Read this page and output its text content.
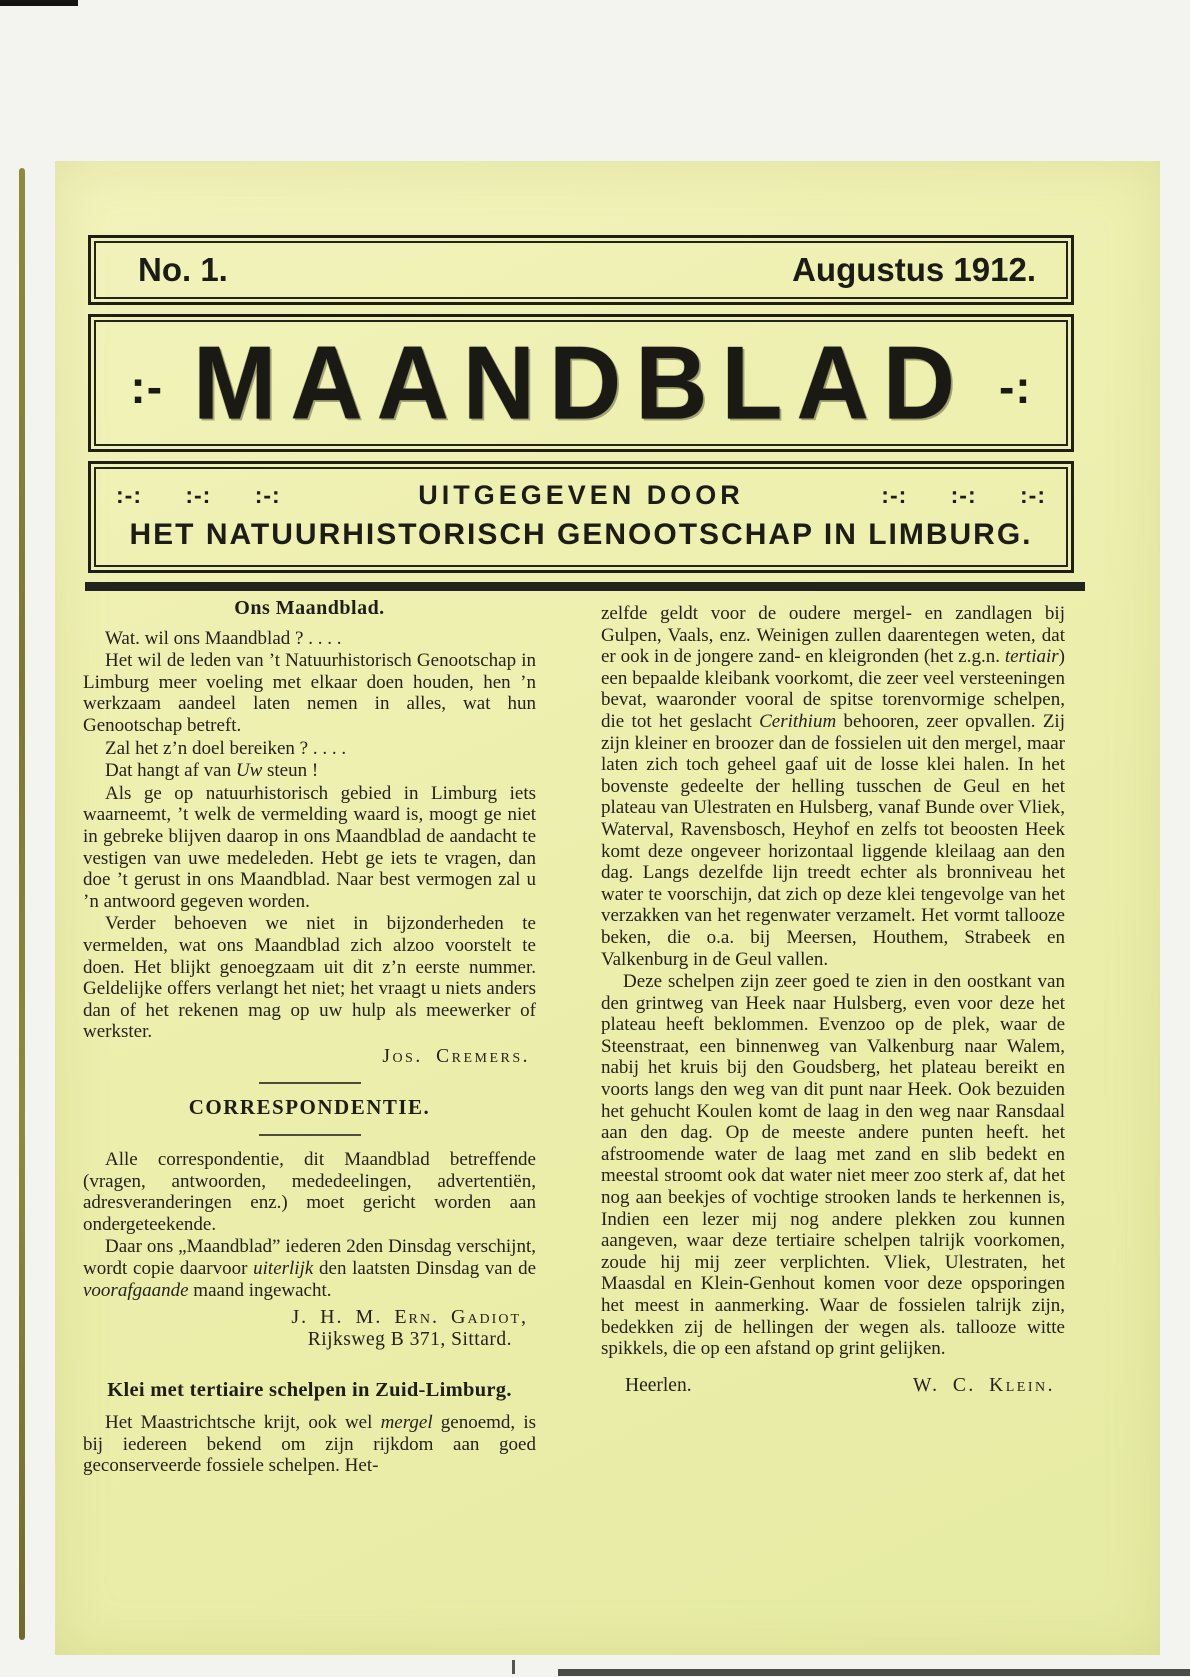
No. 1.	Augustus 1912.
:- MAANDBLAD -:
:-: :-: :-:	UITGEGEVEN DOOR	:-: :-: :-:
HET NATUURHISTORISCH GENOOTSCHAP IN LIMBURG.
Ons Maandblad.

Wat. wil ons Maandblad ? . . . .

Het wil de leden van ’t Natuurhistorisch Genootschap in Limburg meer voeling met elkaar doen houden, hen ’n werkzaam aandeel laten nemen in alles, wat hun Genootschap betreft.

Zal het z’n doel bereiken ? . . . .

Dat hangt af van Uw steun !

Als ge op natuurhistorisch gebied in Limburg iets waarneemt, ’t welk de vermelding waard is, moogt ge niet in gebreke blijven daarop in ons Maandblad de aandacht te vestigen van uwe medeleden. Hebt ge iets te vragen, dan doe ’t gerust in ons Maandblad. Naar best vermogen zal u ’n antwoord gegeven worden.

Verder behoeven we niet in bijzonderheden te vermelden, wat ons Maandblad zich alzoo voorstelt te doen. Het blijkt genoegzaam uit dit z’n eerste nummer. Geldelijke offers verlangt het niet; het vraagt u niets anders dan of het rekenen mag op uw hulp als meewerker of werkster.

Jos. Cremers.
CORRESPONDENTIE.

Alle correspondentie, dit Maandblad betreffende (vragen, antwoorden, mededeelingen, advertentiën, adresveranderingen enz.) moet gericht worden aan ondergeteekende.

Daar ons „Maandblad” iederen 2den Dinsdag verschijnt, wordt copie daarvoor uiterlijk den laatsten Dinsdag van de voorafgaande maand ingewacht.

J. H. M. Ern. Gadiot,
Rijksweg B 371, Sittard.
Klei met tertiaire schelpen in Zuid-Limburg.

Het Maastrichtsche krijt, ook wel mergel genoemd, is bij iedereen bekend om zijn rijkdom aan goed geconserveerde fossiele schelpen. Het-

zelfde geldt voor de oudere mergel- en zandlagen bij Gulpen, Vaals, enz. Weinigen zullen daarentegen weten, dat er ook in de jongere zand- en kleigronden (het z.g.n. tertiair) een bepaalde kleibank voorkomt, die zeer veel versteeningen bevat, waaronder vooral de spitse torenvormige schelpen, die tot het geslacht Cerithium behooren, zeer opvallen. Zij zijn kleiner en broozer dan de fossielen uit den mergel, maar laten zich toch geheel gaaf uit de losse klei halen. In het bovenste gedeelte der helling tusschen de Geul en het plateau van Ulestraten en Hulsberg, vanaf Bunde over Vliek, Waterval, Ravensbosch, Heyhof en zelfs tot beoosten Heek komt deze ongeveer horizontaal liggende kleilaag aan den dag. Langs dezelfde lijn treedt echter als bronniveau het water te voorschijn, dat zich op deze klei tengevolge van het verzakken van het regenwater verzamelt. Het vormt tallooze beken, die o.a. bij Meersen, Houthem, Strabeek en Valkenburg in de Geul vallen.

Deze schelpen zijn zeer goed te zien in den oostkant van den grintweg van Heek naar Hulsberg, even voor deze het plateau heeft beklommen. Evenzoo op de plek, waar de Steenstraat, een binnenweg van Valkenburg naar Walem, nabij het kruis bij den Goudsberg, het plateau bereikt en voorts langs den weg van dit punt naar Heek. Ook bezuiden het gehucht Koulen komt de laag in den weg naar Ransdaal aan den dag. Op de meeste andere punten heeft. het afstroomende water de laag met zand en slib bedekt en meestal stroomt ook dat water niet meer zoo sterk af, dat het nog aan beekjes of vochtige strooken lands te herkennen is, Indien een lezer mij nog andere plekken zou kunnen aangeven, waar deze tertiaire schelpen talrijk voorkomen, zoude hij mij zeer verplichten. Vliek, Ulestraten, het Maasdal en Klein-Genhout komen voor deze opsporingen het meest in aanmerking. Waar de fossielen talrijk zijn, bedekken zij de hellingen der wegen als. tallooze witte spikkels, die op een afstand op grint gelijken.

Heerlen.	W. C. Klein.
